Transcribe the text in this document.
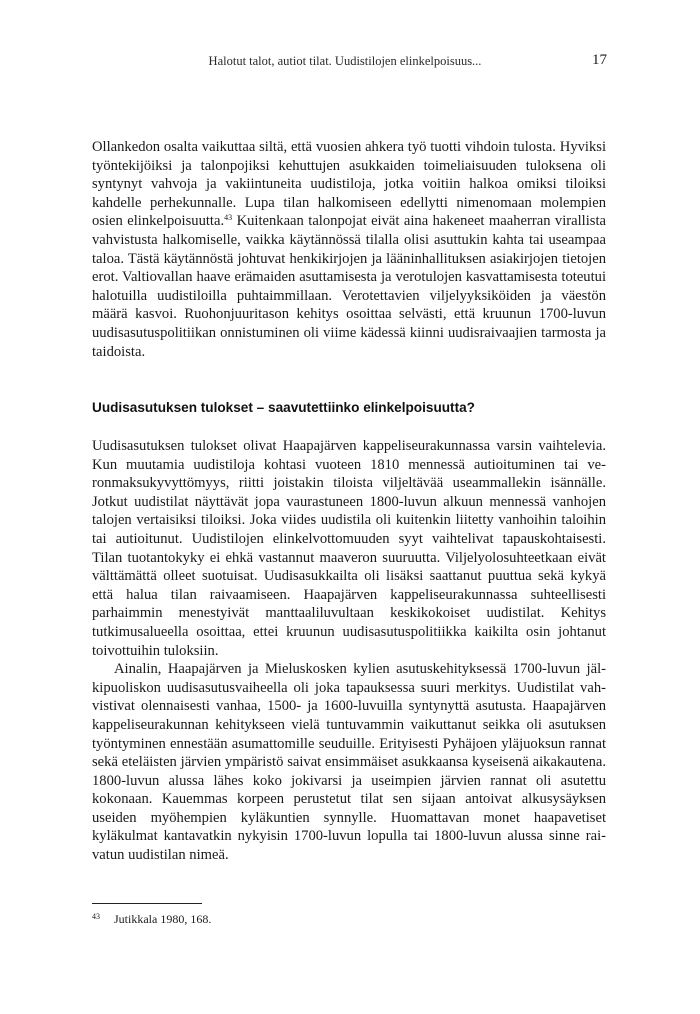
Halotut talot, autiot tilat. Uudistilojen elinkelpoisuus...	17

Ollankedon osalta vaikuttaa siltä, että vuosien ahkera työ tuotti vihdoin tulosta. Hyviksi työntekijöiksi ja talonpojiksi kehuttujen asukkaiden toimeliaisuuden tuloksena oli syntynyt vahvoja ja vakiintuneita uudistiloja, jotka voitiin halkoa omiksi tiloiksi kahdelle perhekunnalle. Lupa tilan halkomiseen edellytti nimenomaan molempien osien elinkelpoisuutta.$^{43}$ Kuitenkaan talonpojat eivät aina hakeneet maaherran virallista vahvistusta halkomiselle, vaikka käytännössä tilalla olisi asuttukin kahta tai useampaa taloa. Tästä käytännöstä johtuvat henkikirjojen ja lääninhallituksen asiakirjojen tietojen erot. Valtiovallan haave erämaiden asuttamisesta ja verotulojen kasvattamisesta toteutui halotuilla uudistiloilla puhtaimmillaan. Verotettavien viljelyyksiköiden ja väestön määrä kasvoi. Ruohonjuuritason kehitys osoittaa selvästi, että kruunun 1700-luvun uudisasutuspolitiikan onnistuminen oli viime kädessä kiinni uudisraivaajien tarmosta ja taidoista.

Uudisasutuksen tulokset – saavutettiinko elinkelpoisuutta?

Uudisasutuksen tulokset olivat Haapajärven kappeliseurakunnassa varsin vaihtelevia. Kun muutamia uudistiloja kohtasi vuoteen 1810 mennessä autioituminen tai veronmaksukyvyttömyys, riitti joistakin tiloista viljeltävää useammallekin isännälle. Jotkut uudistilat näyttävät jopa vaurastuneen 1800-luvun alkuun mennessä vanhojen talojen vertaisiksi tiloiksi. Joka viides uudistila oli kuitenkin liitetty vanhoihin taloihin tai autioitunut. Uudistilojen elinkelvottomuuden syyt vaihtelivat tapauskohtaisesti. Tilan tuotantokyky ei ehkä vastannut maaveron suuruutta. Viljelyolosuhteetkaan eivät välttämättä olleet suotuisat. Uudisasukkailta oli lisäksi saattanut puuttua sekä kykyä että halua tilan raivaamiseen. Haapajärven kappeliseurakunnassa suhteellisesti parhaimmin menestyivät manttaaliluvultaan keskikokoiset uudistilat. Kehitys tutkimusalueella osoittaa, ettei kruunun uudisasutuspolitiikka kaikilta osin johtanut toivottuihin tuloksiin.

Ainalin, Haapajärven ja Mieluskosken kylien asutuskehityksessä 1700-luvun jälkipuoliskon uudisasutusvaiheella oli joka tapauksessa suuri merkitys. Uudistilat vahvistivat olennaisesti vanhaa, 1500- ja 1600-luvuilla syntynyttä asutusta. Haapajärven kappeliseurakunnan kehitykseen vielä tuntuvammin vaikuttanut seikka oli asutuksen työntyminen ennestään asumattomille seuduille. Erityisesti Pyhäjoen yläjuoksun rannat sekä eteläisten järvien ympäristö saivat ensimmäiset asukkaansa kyseisenä aikakautena. 1800-luvun alussa lähes koko jokivarsi ja useimpien järvien rannat oli asutettu kokonaan. Kauemmas korpeen perustetut tilat sen sijaan antoivat alkusysäyksen useiden myöhempien kyläkuntien synnylle. Huomattavan monet haapavetiset kyläkulmat kantavatkin nykyisin 1700-luvun lopulla tai 1800-luvun alussa sinne raivatun uudistilan nimeä.

43 Jutikkala 1980, 168.
